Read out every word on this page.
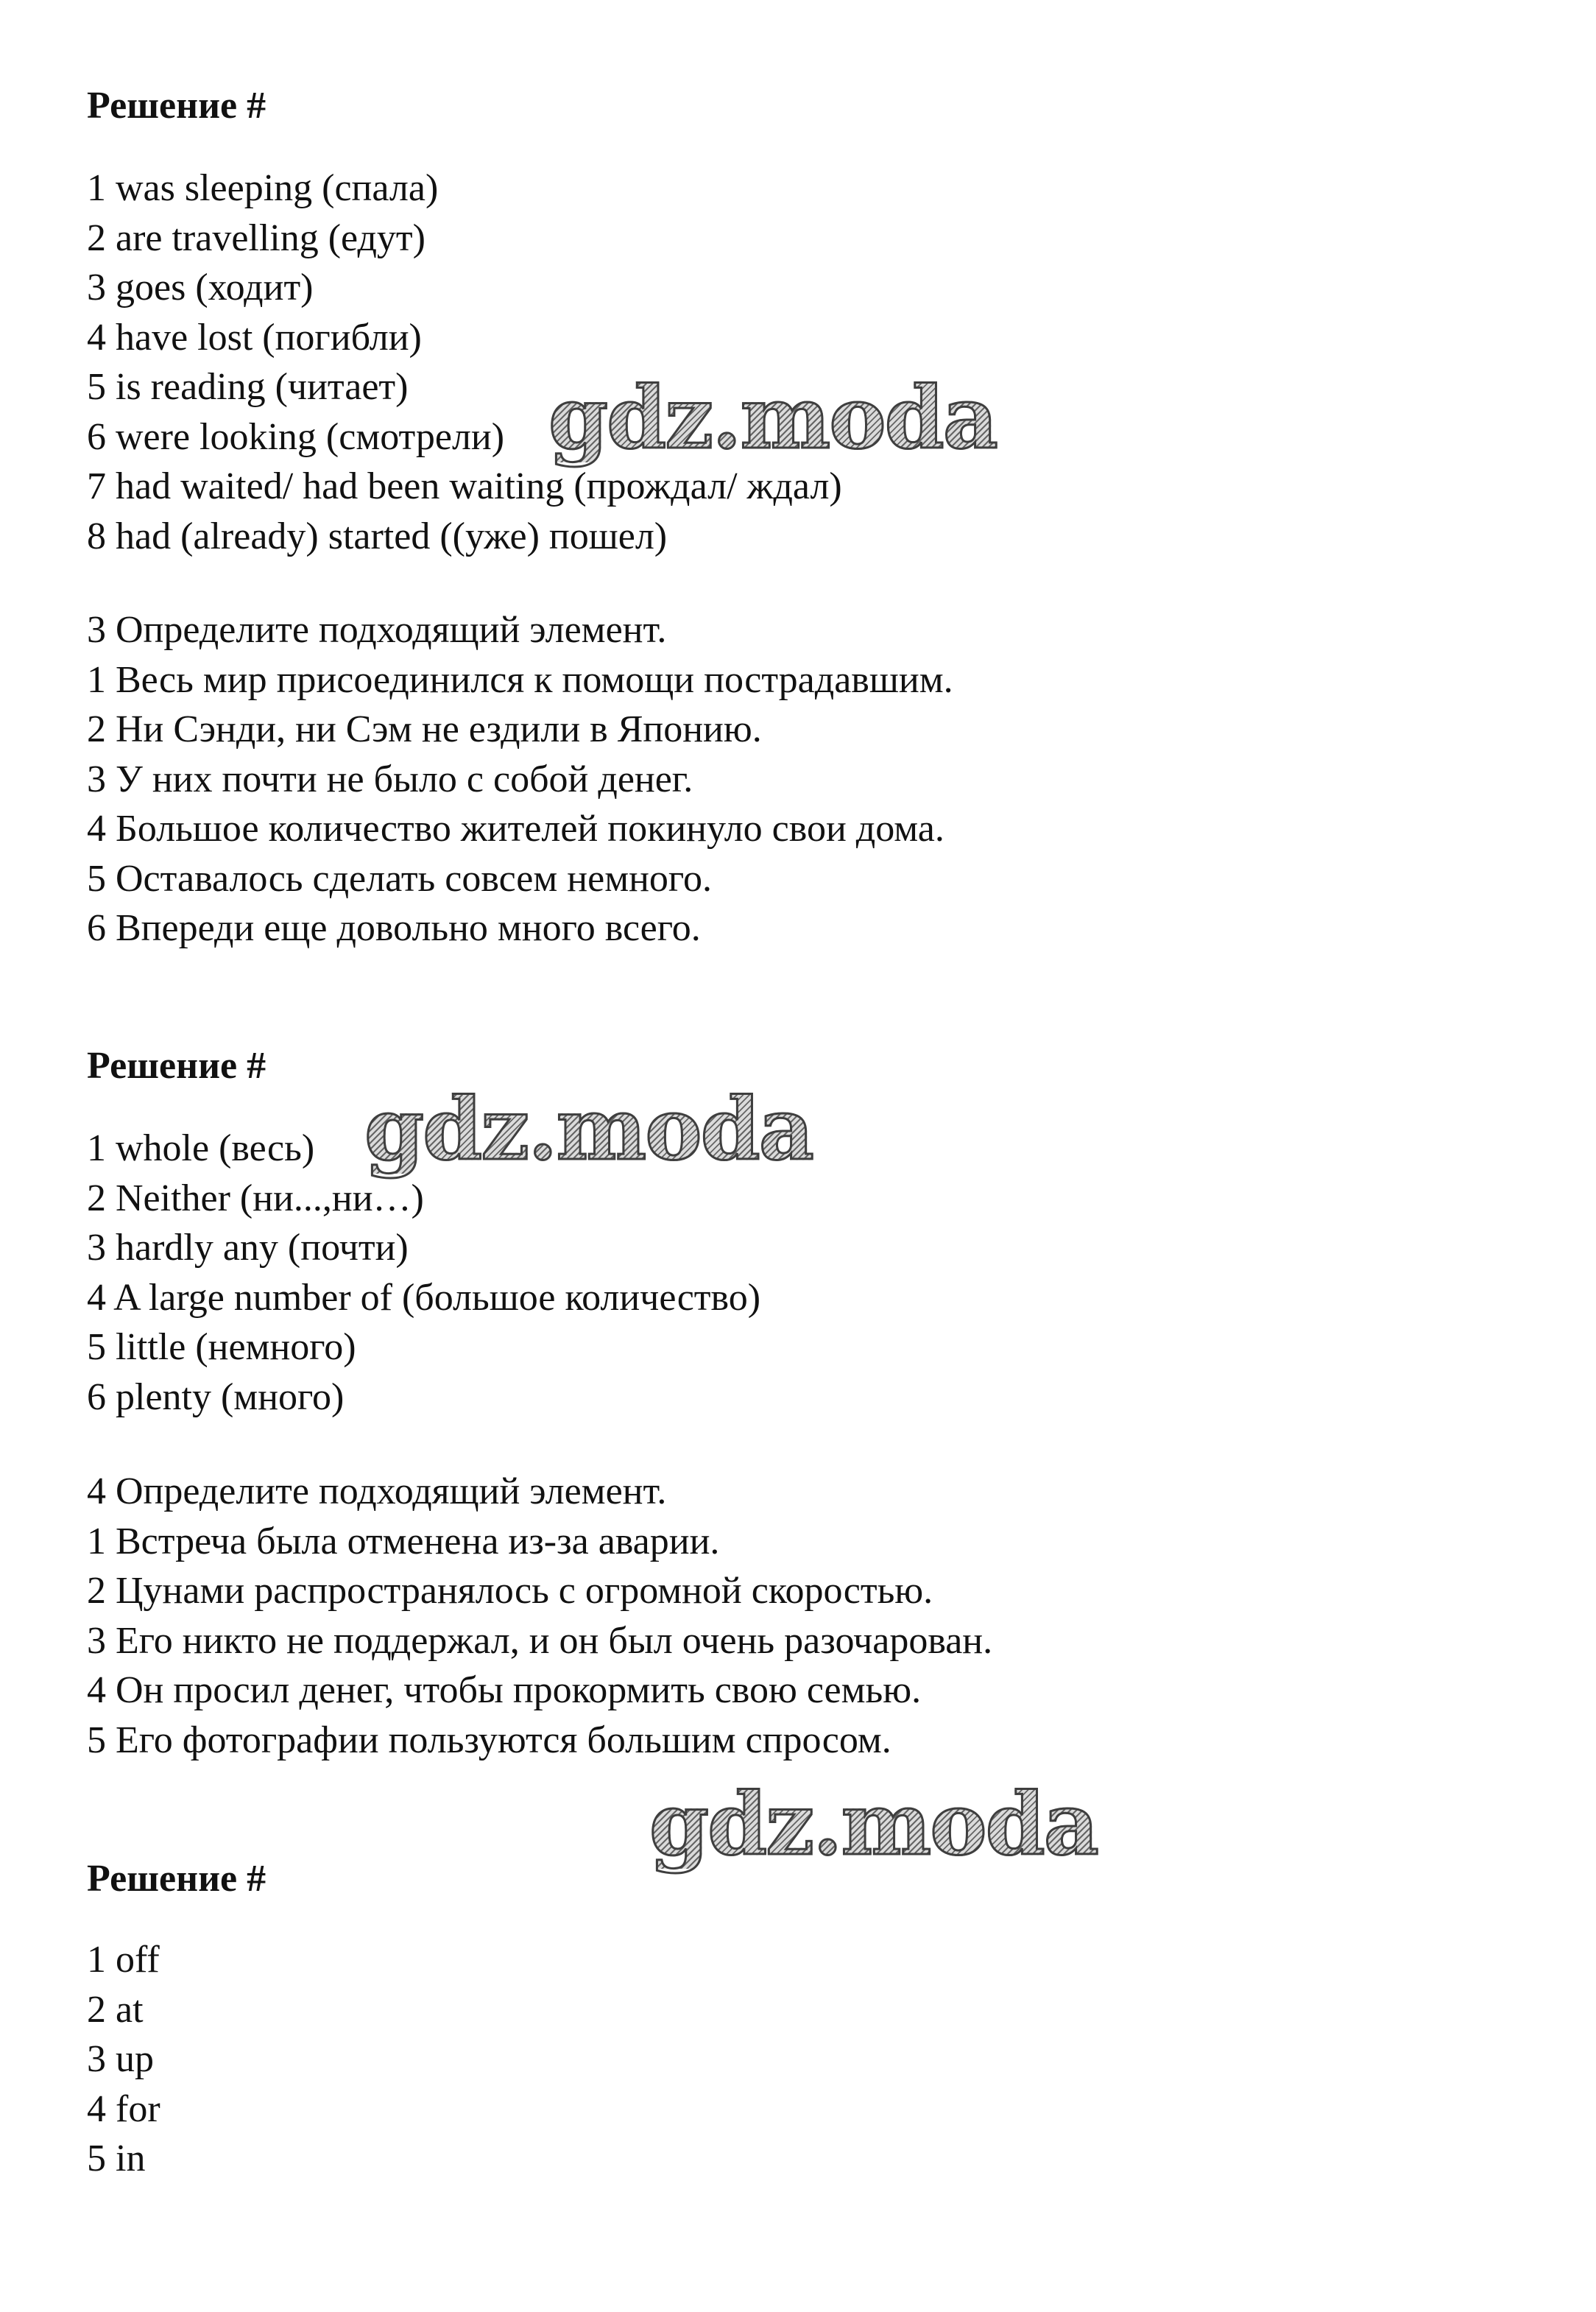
Решение #
1 was sleeping (спала)
2 are travelling (едут)
3 goes (ходит)
4 have lost (погибли)
5 is reading (читает)
6 were looking (смотрели)
7 had waited/ had been waiting (прождал/ ждал)
8 had (already) started ((уже) пошел)
3 Определите подходящий элемент.
1 Весь мир присоединился к помощи пострадавшим.
2 Ни Сэнди, ни Сэм не ездили в Японию.
3 У них почти не было с собой денег.
4 Большое количество жителей покинуло свои дома.
5 Оставалось сделать совсем немного.
6 Впереди еще довольно много всего.
Решение #
1 whole (весь)
2 Neither (ни...,ни…)
3 hardly any (почти)
4 A large number of (большое количество)
5 little (немного)
6 plenty (много)
4 Определите подходящий элемент.
1 Встреча была отменена из-за аварии.
2 Цунами распространялось с огромной скоростью.
3 Его никто не поддержал, и он был очень разочарован.
4 Он просил денег, чтобы прокормить свою семью.
5 Его фотографии пользуются большим спросом.
Решение #
1 off
2 at
3 up
4 for
5 in
gdz.moda
gdz.moda
gdz.moda
